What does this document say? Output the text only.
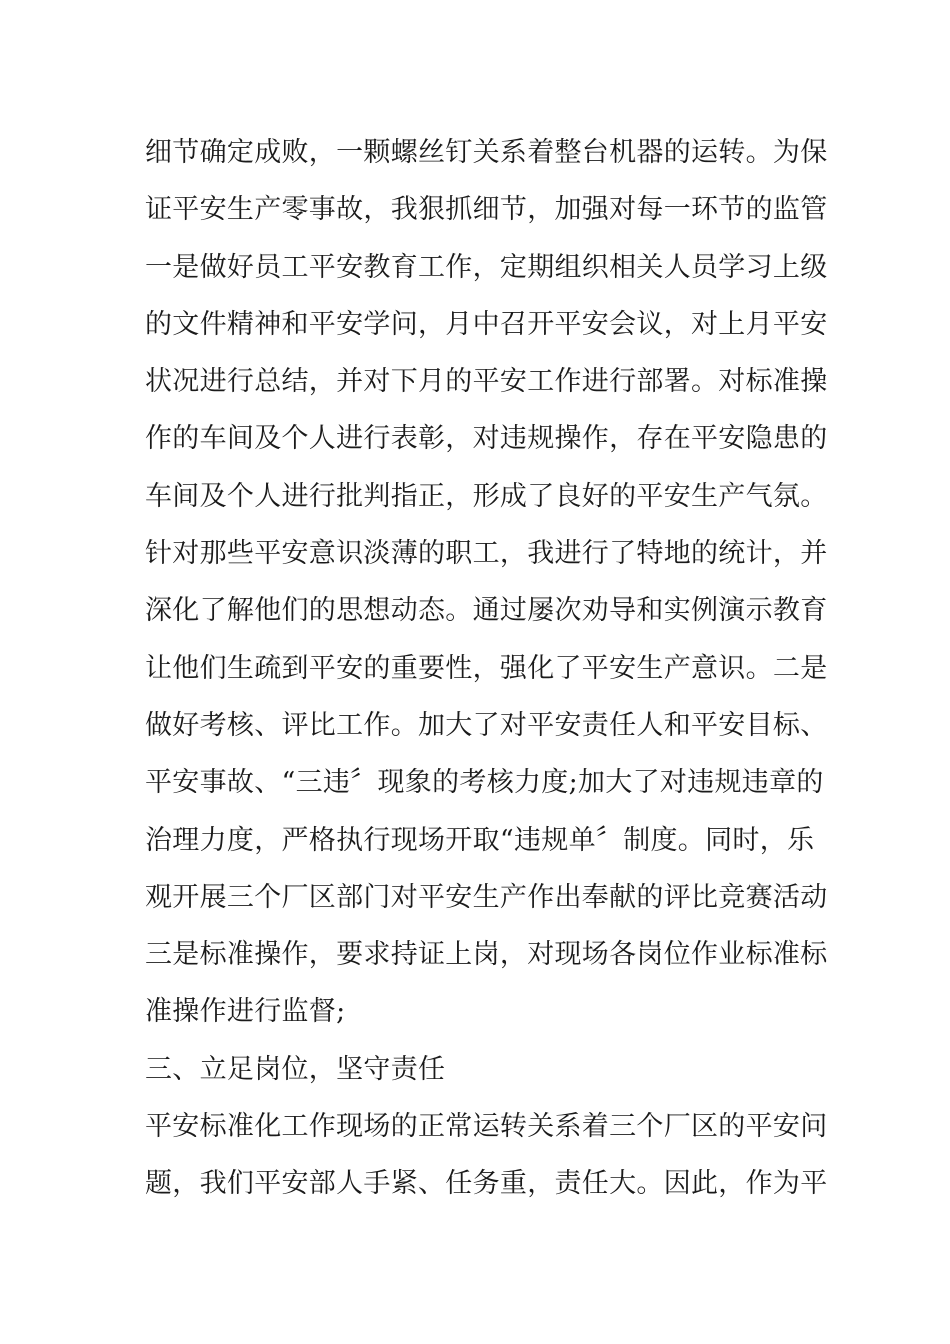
细节确定成败，一颗螺丝钉关系着整台机器的运转。为保
证平安生产零事故，我狠抓细节，加强对每一环节的监管
一是做好员工平安教育工作，定期组织相关人员学习上级
的文件精神和平安学问，月中召开平安会议，对上月平安
状况进行总结，并对下月的平安工作进行部署。对标准操
作的车间及个人进行表彰，对违规操作，存在平安隐患的
车间及个人进行批判指正，形成了良好的平安生产气氛。
针对那些平安意识淡薄的职工，我进行了特地的统计，并
深化了解他们的思想动态。通过屡次劝导和实例演示教育
让他们生疏到平安的重要性，强化了平安生产意识。二是
做好考核、评比工作。加大了对平安责任人和平安目标、
平安事故、“三违〞现象的考核力度;加大了对违规违章的
治理力度，严格执行现场开取“违规单〞制度。同时，乐
观开展三个厂区部门对平安生产作出奉献的评比竞赛活动
三是标准操作，要求持证上岗，对现场各岗位作业标准标
准操作进行监督;
三、立足岗位，坚守责任
平安标准化工作现场的正常运转关系着三个厂区的平安问
题，我们平安部人手紧、任务重，责任大。因此，作为平
